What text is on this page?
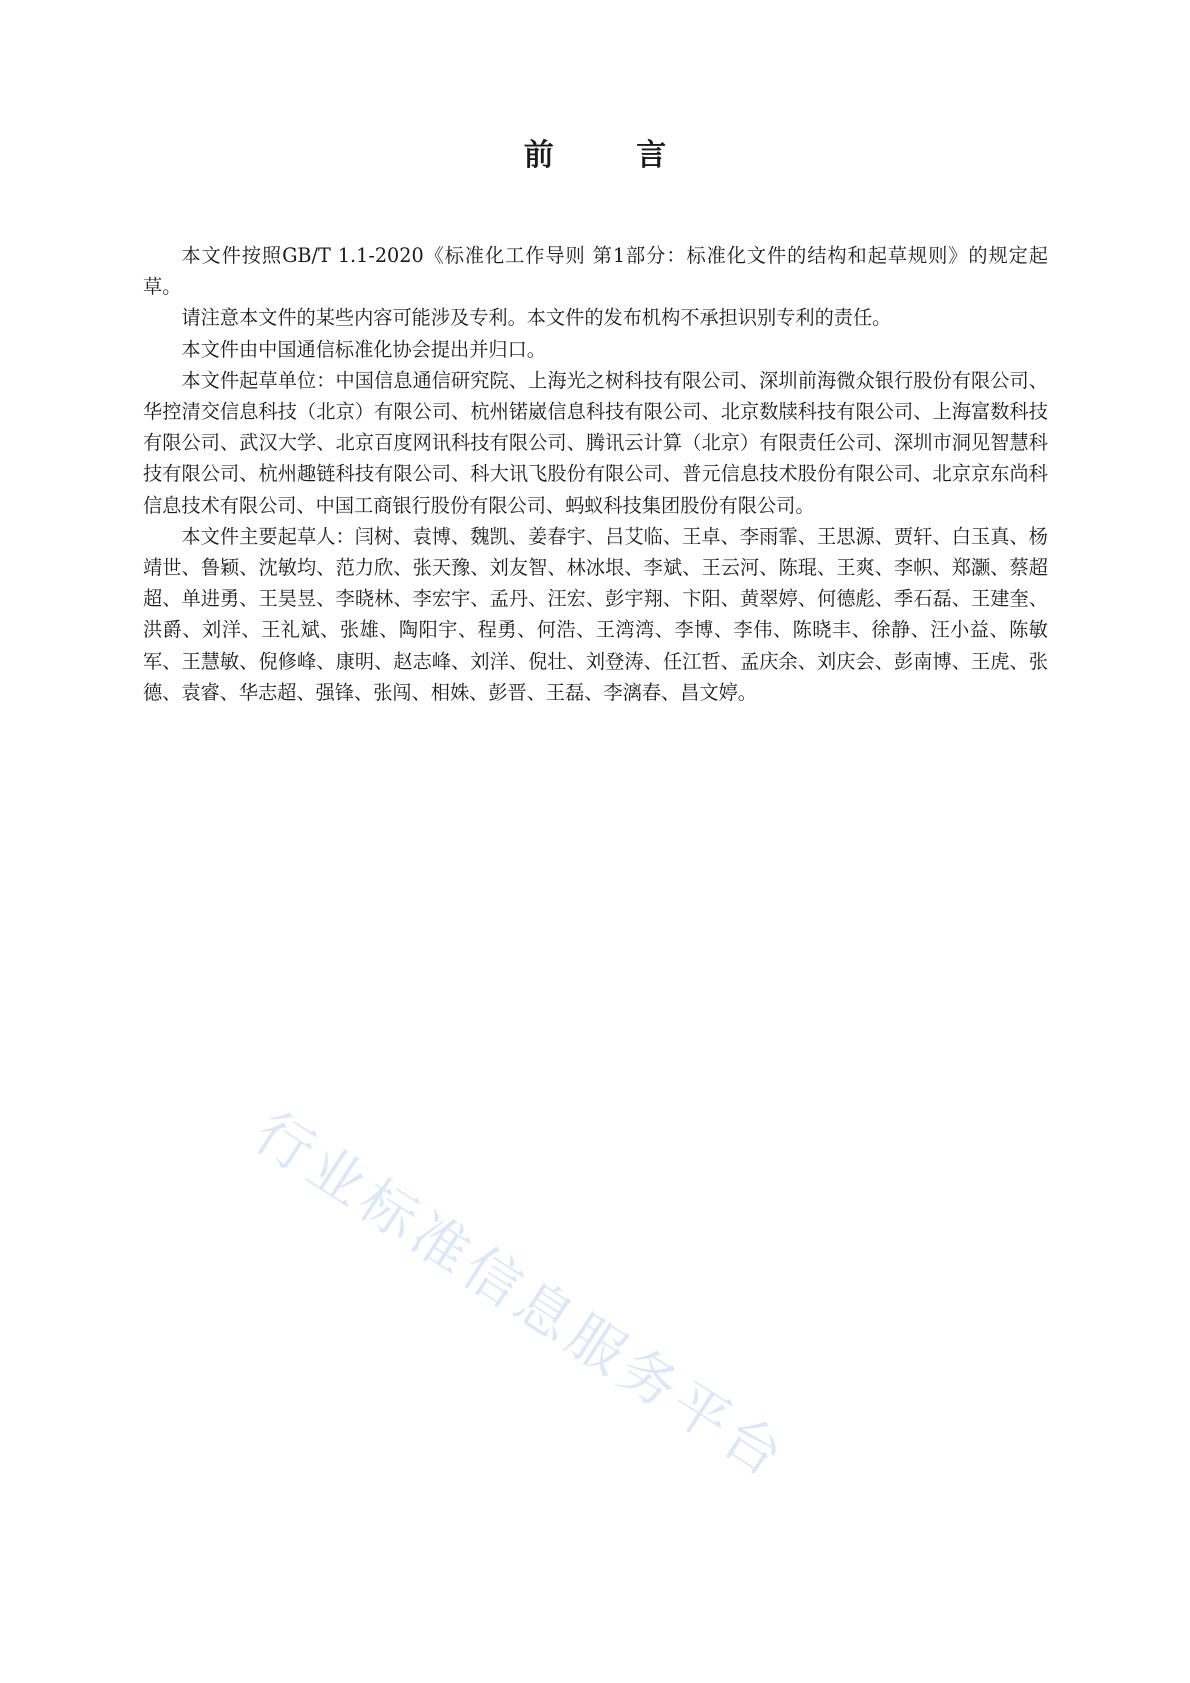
前 言

本文件按照GB/T 1.1-2020《标准化工作导则 第1部分：标准化文件的结构和起草规则》的规定起草。

请注意本文件的某些内容可能涉及专利。本文件的发布机构不承担识别专利的责任。

本文件由中国通信标准化协会提出并归口。

本文件起草单位：中国信息通信研究院、上海光之树科技有限公司、深圳前海微众银行股份有限公司、华控清交信息科技（北京）有限公司、杭州锘崴信息科技有限公司、北京数牍科技有限公司、上海富数科技有限公司、武汉大学、北京百度网讯科技有限公司、腾讯云计算（北京）有限责任公司、深圳市洞见智慧科技有限公司、杭州趣链科技有限公司、科大讯飞股份有限公司、普元信息技术股份有限公司、北京京东尚科信息技术有限公司、中国工商银行股份有限公司、蚂蚁科技集团股份有限公司。

本文件主要起草人：闫树、袁博、魏凯、姜春宇、吕艾临、王卓、李雨霏、王思源、贾轩、白玉真、杨靖世、鲁颖、沈敏均、范力欣、张天豫、刘友智、林冰垠、李斌、王云河、陈琨、王爽、李帜、郑灏、蔡超超、单进勇、王昊昱、李晓林、李宏宇、孟丹、汪宏、彭宇翔、卞阳、黄翠婷、何德彪、季石磊、王建奎、洪爵、刘洋、王礼斌、张雄、陶阳宇、程勇、何浩、王湾湾、李博、李伟、陈晓丰、徐静、汪小益、陈敏军、王慧敏、倪修峰、康明、赵志峰、刘洋、倪壮、刘登涛、任江哲、孟庆余、刘庆会、彭南博、王虎、张德、袁睿、华志超、强锋、张闯、相姝、彭晋、王磊、李漓春、昌文婷。

行业标准信息服务平台
